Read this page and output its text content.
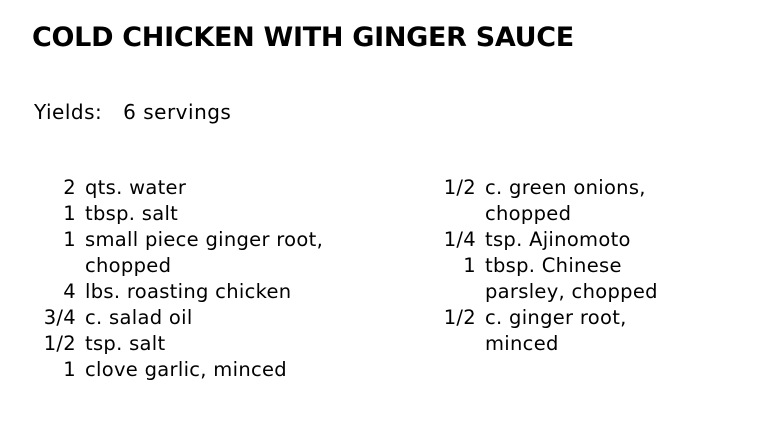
COLD CHICKEN WITH GINGER SAUCE
Yields: 6 servings
2 qts. water
1 tbsp. salt
1 small piece ginger root,
chopped
4 lbs. roasting chicken
3/4 c. salad oil
1/2 tsp. salt
1 clove garlic, minced
1/2 c. green onions,
chopped
1/4 tsp. Ajinomoto
1 tbsp. Chinese
parsley, chopped
1/2 c. ginger root,
minced
